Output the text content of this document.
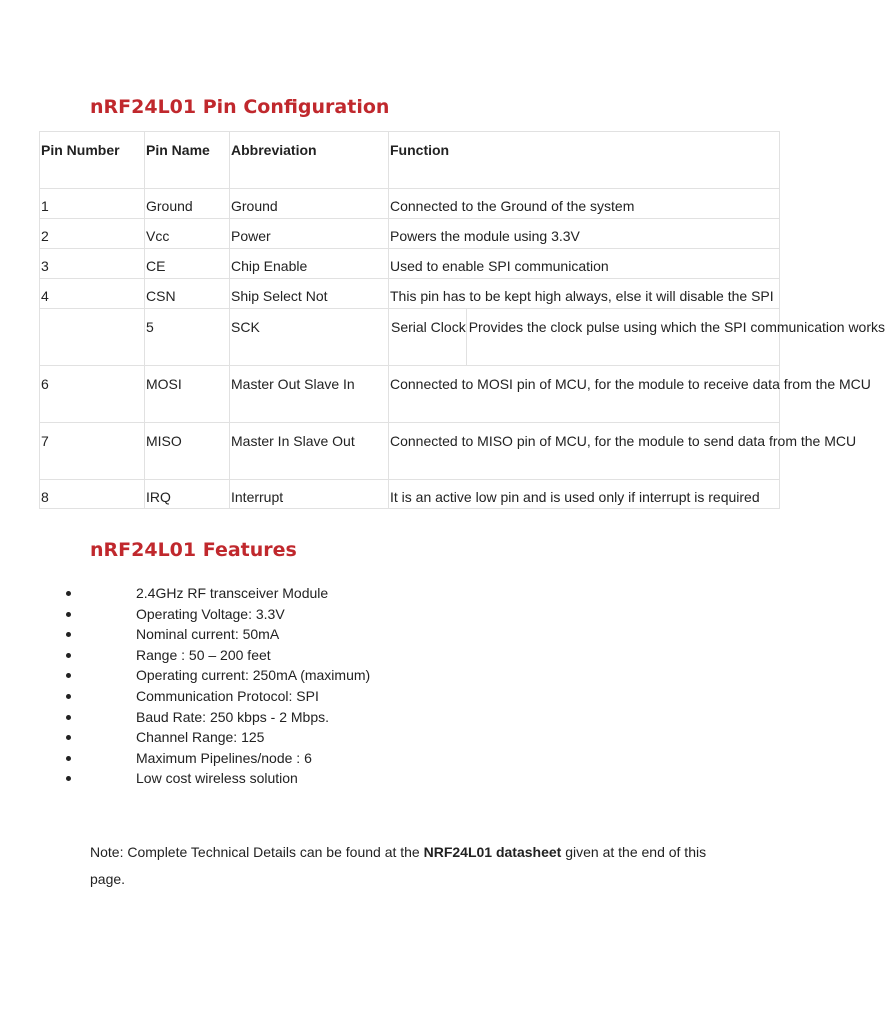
nRF24L01 Pin Configuration
Pin Number	Pin Name	Abbreviation	Function
1	Ground	Ground	Connected to the Ground of the system
2	Vcc	Power	Powers the module using 3.3V
3	CE	Chip Enable	Used to enable SPI communication
4	CSN	Ship Select Not	This pin has to be kept high always, else it will disable the SPI
	5	SCK	Serial Clock Provides the clock pulse using which the SPI communication works

6	MOSI	Master Out Slave In	Connected to MOSI pin of MCU, for the module to receive data from the MCU
7	MISO	Master In Slave Out	Connected to MISO pin of MCU, for the module to send data from the MCU
8	IRQ	Interrupt	It is an active low pin and is used only if interrupt is required
nRF24L01 Features
2.4GHz RF transceiver Module
Operating Voltage: 3.3V
Nominal current: 50mA
Range : 50 – 200 feet
Operating current: 250mA (maximum)
Communication Protocol: SPI
Baud Rate: 250 kbps - 2 Mbps.
Channel Range: 125
Maximum Pipelines/node : 6
Low cost wireless solution

Note: Complete Technical Details can be found at the NRF24L01 datasheet given at the end of this page.
